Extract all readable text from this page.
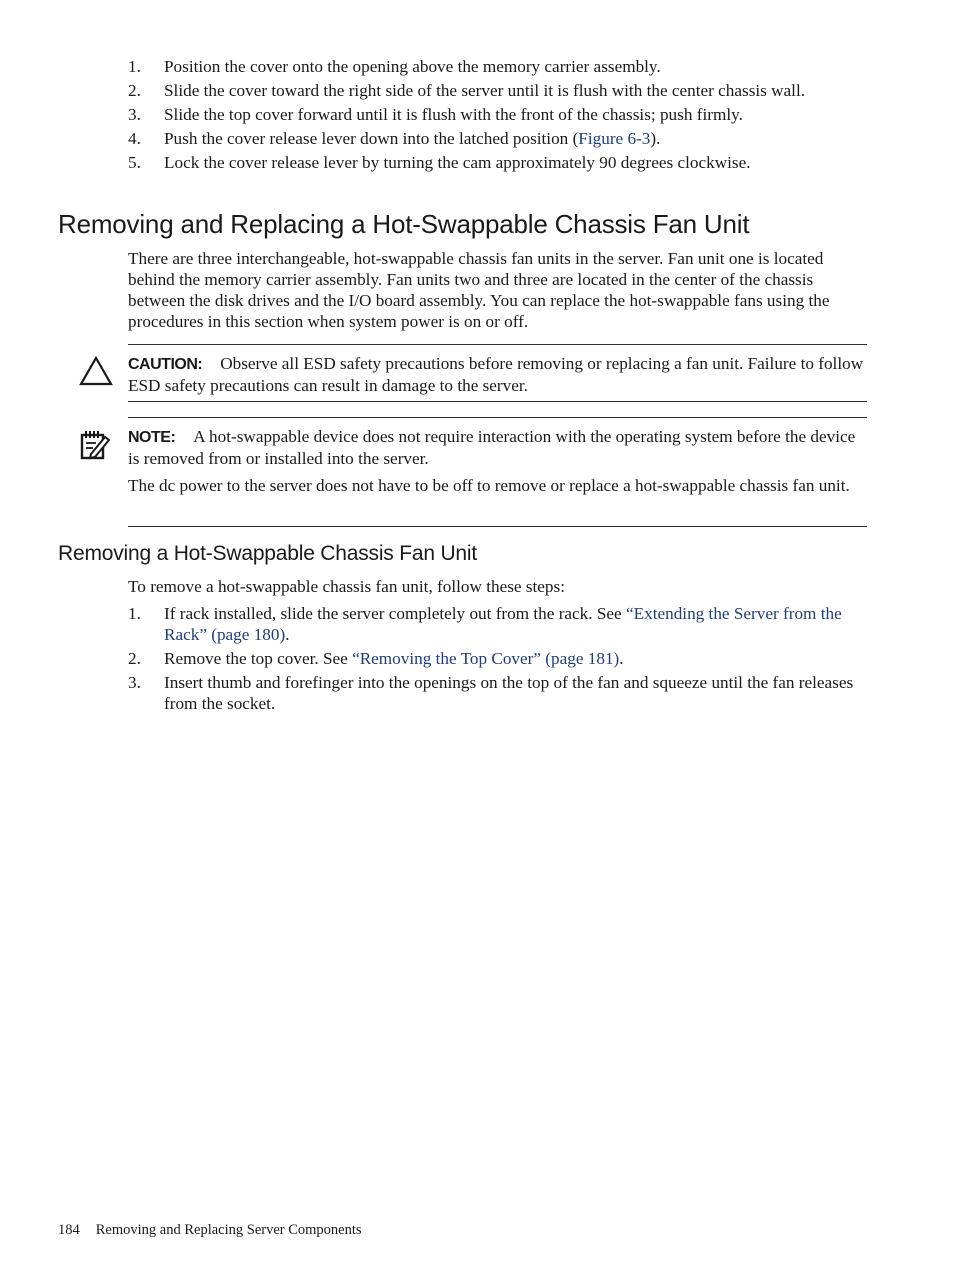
1. Position the cover onto the opening above the memory carrier assembly.
2. Slide the cover toward the right side of the server until it is flush with the center chassis wall.
3. Slide the top cover forward until it is flush with the front of the chassis; push firmly.
4. Push the cover release lever down into the latched position (Figure 6-3).
5. Lock the cover release lever by turning the cam approximately 90 degrees clockwise.
Removing and Replacing a Hot-Swappable Chassis Fan Unit

There are three interchangeable, hot-swappable chassis fan units in the server. Fan unit one is located behind the memory carrier assembly. Fan units two and three are located in the center of the chassis between the disk drives and the I/O board assembly. You can replace the hot-swappable fans using the procedures in this section when system power is on or off.

CAUTION: Observe all ESD safety precautions before removing or replacing a fan unit. Failure to follow ESD safety precautions can result in damage to the server.

NOTE: A hot-swappable device does not require interaction with the operating system before the device is removed from or installed into the server.

The dc power to the server does not have to be off to remove or replace a hot-swappable chassis fan unit.

Removing a Hot-Swappable Chassis Fan Unit

To remove a hot-swappable chassis fan unit, follow these steps:

1. If rack installed, slide the server completely out from the rack. See “Extending the Server from the Rack” (page 180).
2. Remove the top cover. See “Removing the Top Cover” (page 181).
3. Insert thumb and forefinger into the openings on the top of the fan and squeeze until the fan releases from the socket.
184 Removing and Replacing Server Components
